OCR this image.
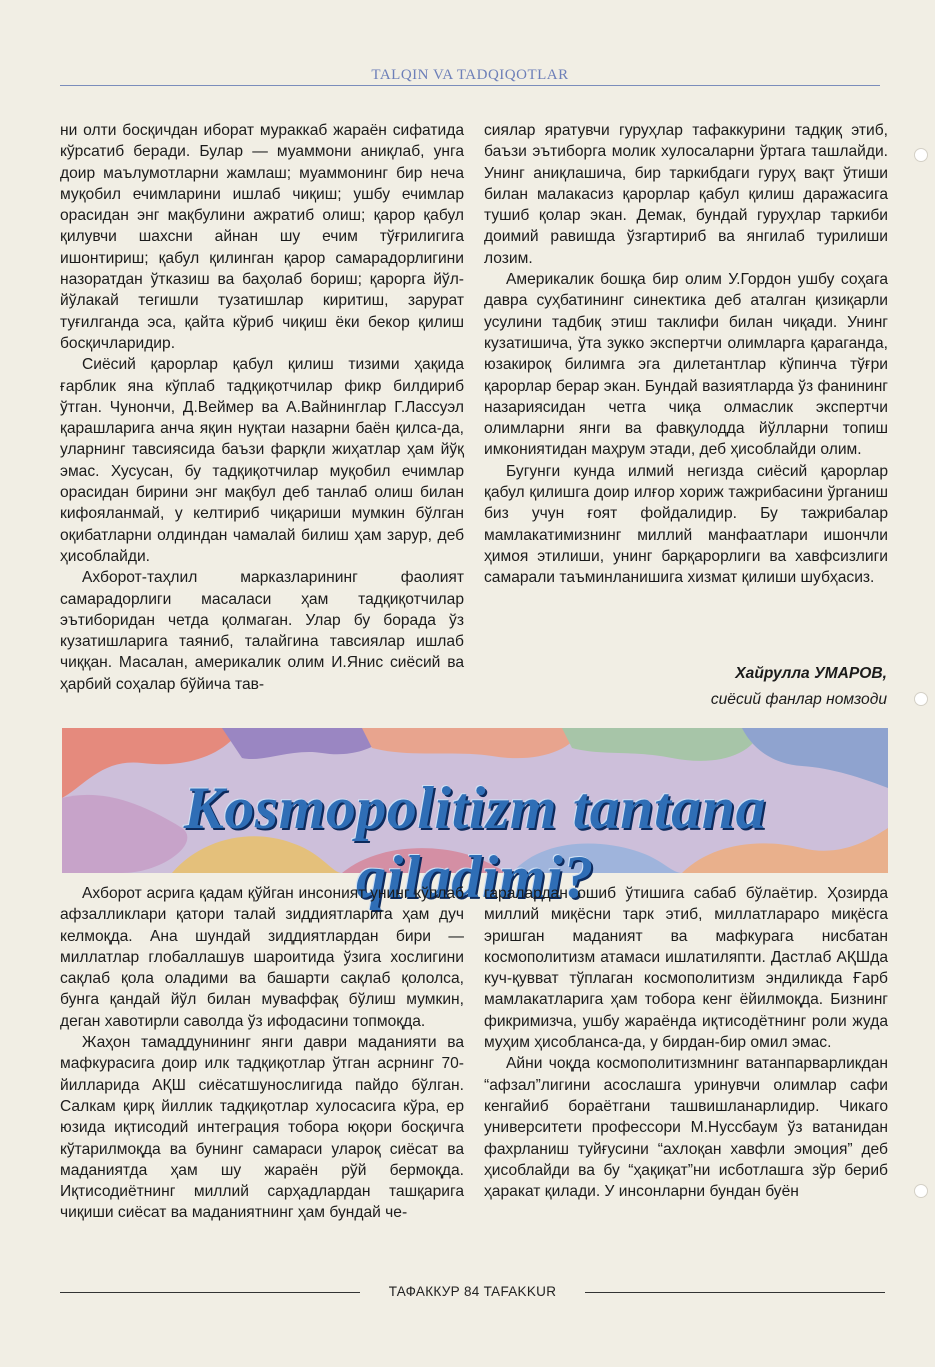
TALQIN VA TADQIQOTLAR

ни олти босқичдан иборат мураккаб жараён сифатида кўрсатиб беради. Булар — муаммони аниқлаб, унга доир маълумотларни жамлаш; муаммонинг бир неча муқобил ечимларини ишлаб чиқиш; ушбу ечимлар орасидан энг мақбулини ажратиб олиш; қарор қабул қилувчи шахсни айнан шу ечим тўғрилигига ишонтириш; қабул қилинган қарор самарадорлигини назоратдан ўтказиш ва баҳолаб бориш; қарорга йўл-йўлакай тегишли тузатишлар киритиш, зарурат туғилганда эса, қайта кўриб чиқиш ёки бекор қилиш босқичларидир.

Сиёсий қарорлар қабул қилиш тизими ҳақида ғарблик яна кўплаб тадқиқотчилар фикр билдириб ўтган. Чунончи, Д.Веймер ва А.Вайнинглар Г.Лассуэл қарашларига анча яқин нуқтаи назарни баён қилса-да, уларнинг тавсиясида баъзи фарқли жиҳатлар ҳам йўқ эмас. Хусусан, бу тадқиқотчилар муқобил ечимлар орасидан бирини энг мақбул деб танлаб олиш билан кифояланмай, у келтириб чиқариши мумкин бўлган оқибатларни олдиндан чамалай билиш ҳам зарур, деб ҳисоблайди.

Ахборот-таҳлил марказларининг фаолият самарадорлиги масаласи ҳам тадқиқотчилар эътиборидан четда қолмаган. Улар бу борада ўз кузатишларига таяниб, талайгина тавсиялар ишлаб чиққан. Масалан, америкалик олим И.Янис сиёсий ва ҳарбий соҳалар бўйича тав-

сиялар яратувчи гуруҳлар тафаккурини тадқиқ этиб, баъзи эътиборга молик хулосаларни ўртага ташлайди. Унинг аниқлашича, бир таркибдаги гуруҳ вақт ўтиши билан малакасиз қарорлар қабул қилиш даражасига тушиб қолар экан. Демак, бундай гуруҳлар таркиби доимий равишда ўзгартириб ва янгилаб турилиши лозим.

Америкалик бошқа бир олим У.Гордон ушбу соҳага давра суҳбатининг синектика деб аталган қизиқарли усулини тадбиқ этиш таклифи билан чиқади. Унинг кузатишича, ўта зукко экспертчи олимларга қараганда, юзакироқ билимга эга дилетантлар кўпинча тўғри қарорлар берар экан. Бундай вазиятларда ўз фанининг назариясидан четга чиқа олмаслик экспертчи олимларни янги ва фавқулодда йўлларни топиш имкониятидан маҳрум этади, деб ҳисоблайди олим.

Бугунги кунда илмий негизда сиёсий қарорлар қабул қилишга доир илғор хориж тажрибасини ўрганиш биз учун ғоят фойдалидир. Бу тажрибалар мамлакатимизнинг миллий манфаатлари ишончли ҳимоя этилиши, унинг барқарорлиги ва хавфсизлиги самарали таъминланишига хизмат қилиши шубҳасиз.

Хайрулла УМАРОВ,
сиёсий фанлар номзоди
Kosmopolitizm tantana qiladimi?

Ахборот асрига қадам қўйган инсоният унинг кўплаб афзалликлари қатори талай зиддиятларига ҳам дуч келмоқда. Ана шундай зиддиятлардан бири — миллатлар глобаллашув шароитида ўзига хослигини сақлаб қола оладими ва башарти сақлаб қололса, бунга қандай йўл билан муваффақ бўлиш мумкин, деган хавотирли саволда ўз ифодасини топмоқда.

Жаҳон тамаддунининг янги даври маданияти ва мафкурасига доир илк тадқиқотлар ўтган асрнинг 70-йилларида АҚШ сиёсатшунослигида пайдо бўлган. Салкам қирқ йиллик тадқиқотлар хулосасига кўра, ер юзида иқтисодий интеграция тобора юқори босқичга кўтарилмоқда ва бунинг самараси уларoқ сиёсат ва маданиятда ҳам шу жараён рўй бермоқда. Иқтисодиётнинг миллий сарҳадлардан ташқарига чиқиши сиёсат ва маданиятнинг ҳам бундай че-

гаралардан ошиб ўтишига сабаб бўлаётир. Ҳозирда миллий миқёсни тарк этиб, миллатлараро миқёсга эришган маданият ва мафкурага нисбатан космополитизм атамаси ишлатиляпти. Дастлаб АҚШда куч-қувват тўплаган космополитизм эндиликда Ғарб мамлакатларига ҳам тобора кенг ёйилмоқда. Бизнинг фикримизча, ушбу жараёнда иқтисодётнинг роли жуда муҳим ҳисобланса-да, у бирдан-бир омил эмас.

Айни чоқда космополитизмнинг ватанпарварликдан “афзал”лигини асослашга уринувчи олимлар сафи кенгайиб бораётгани ташвишланарлидир. Чикаго университети профессори М.Нуссбаум ўз ватанидан фахрланиш туйғусини “ахлоқан хавфли эмоция” деб ҳисоблайди ва бу “ҳақиқат”ни исботлашга зўр бериб ҳаракат қилади. У инсонларни бундан буён

ТАФАККУР 84 TAFAKKUR
